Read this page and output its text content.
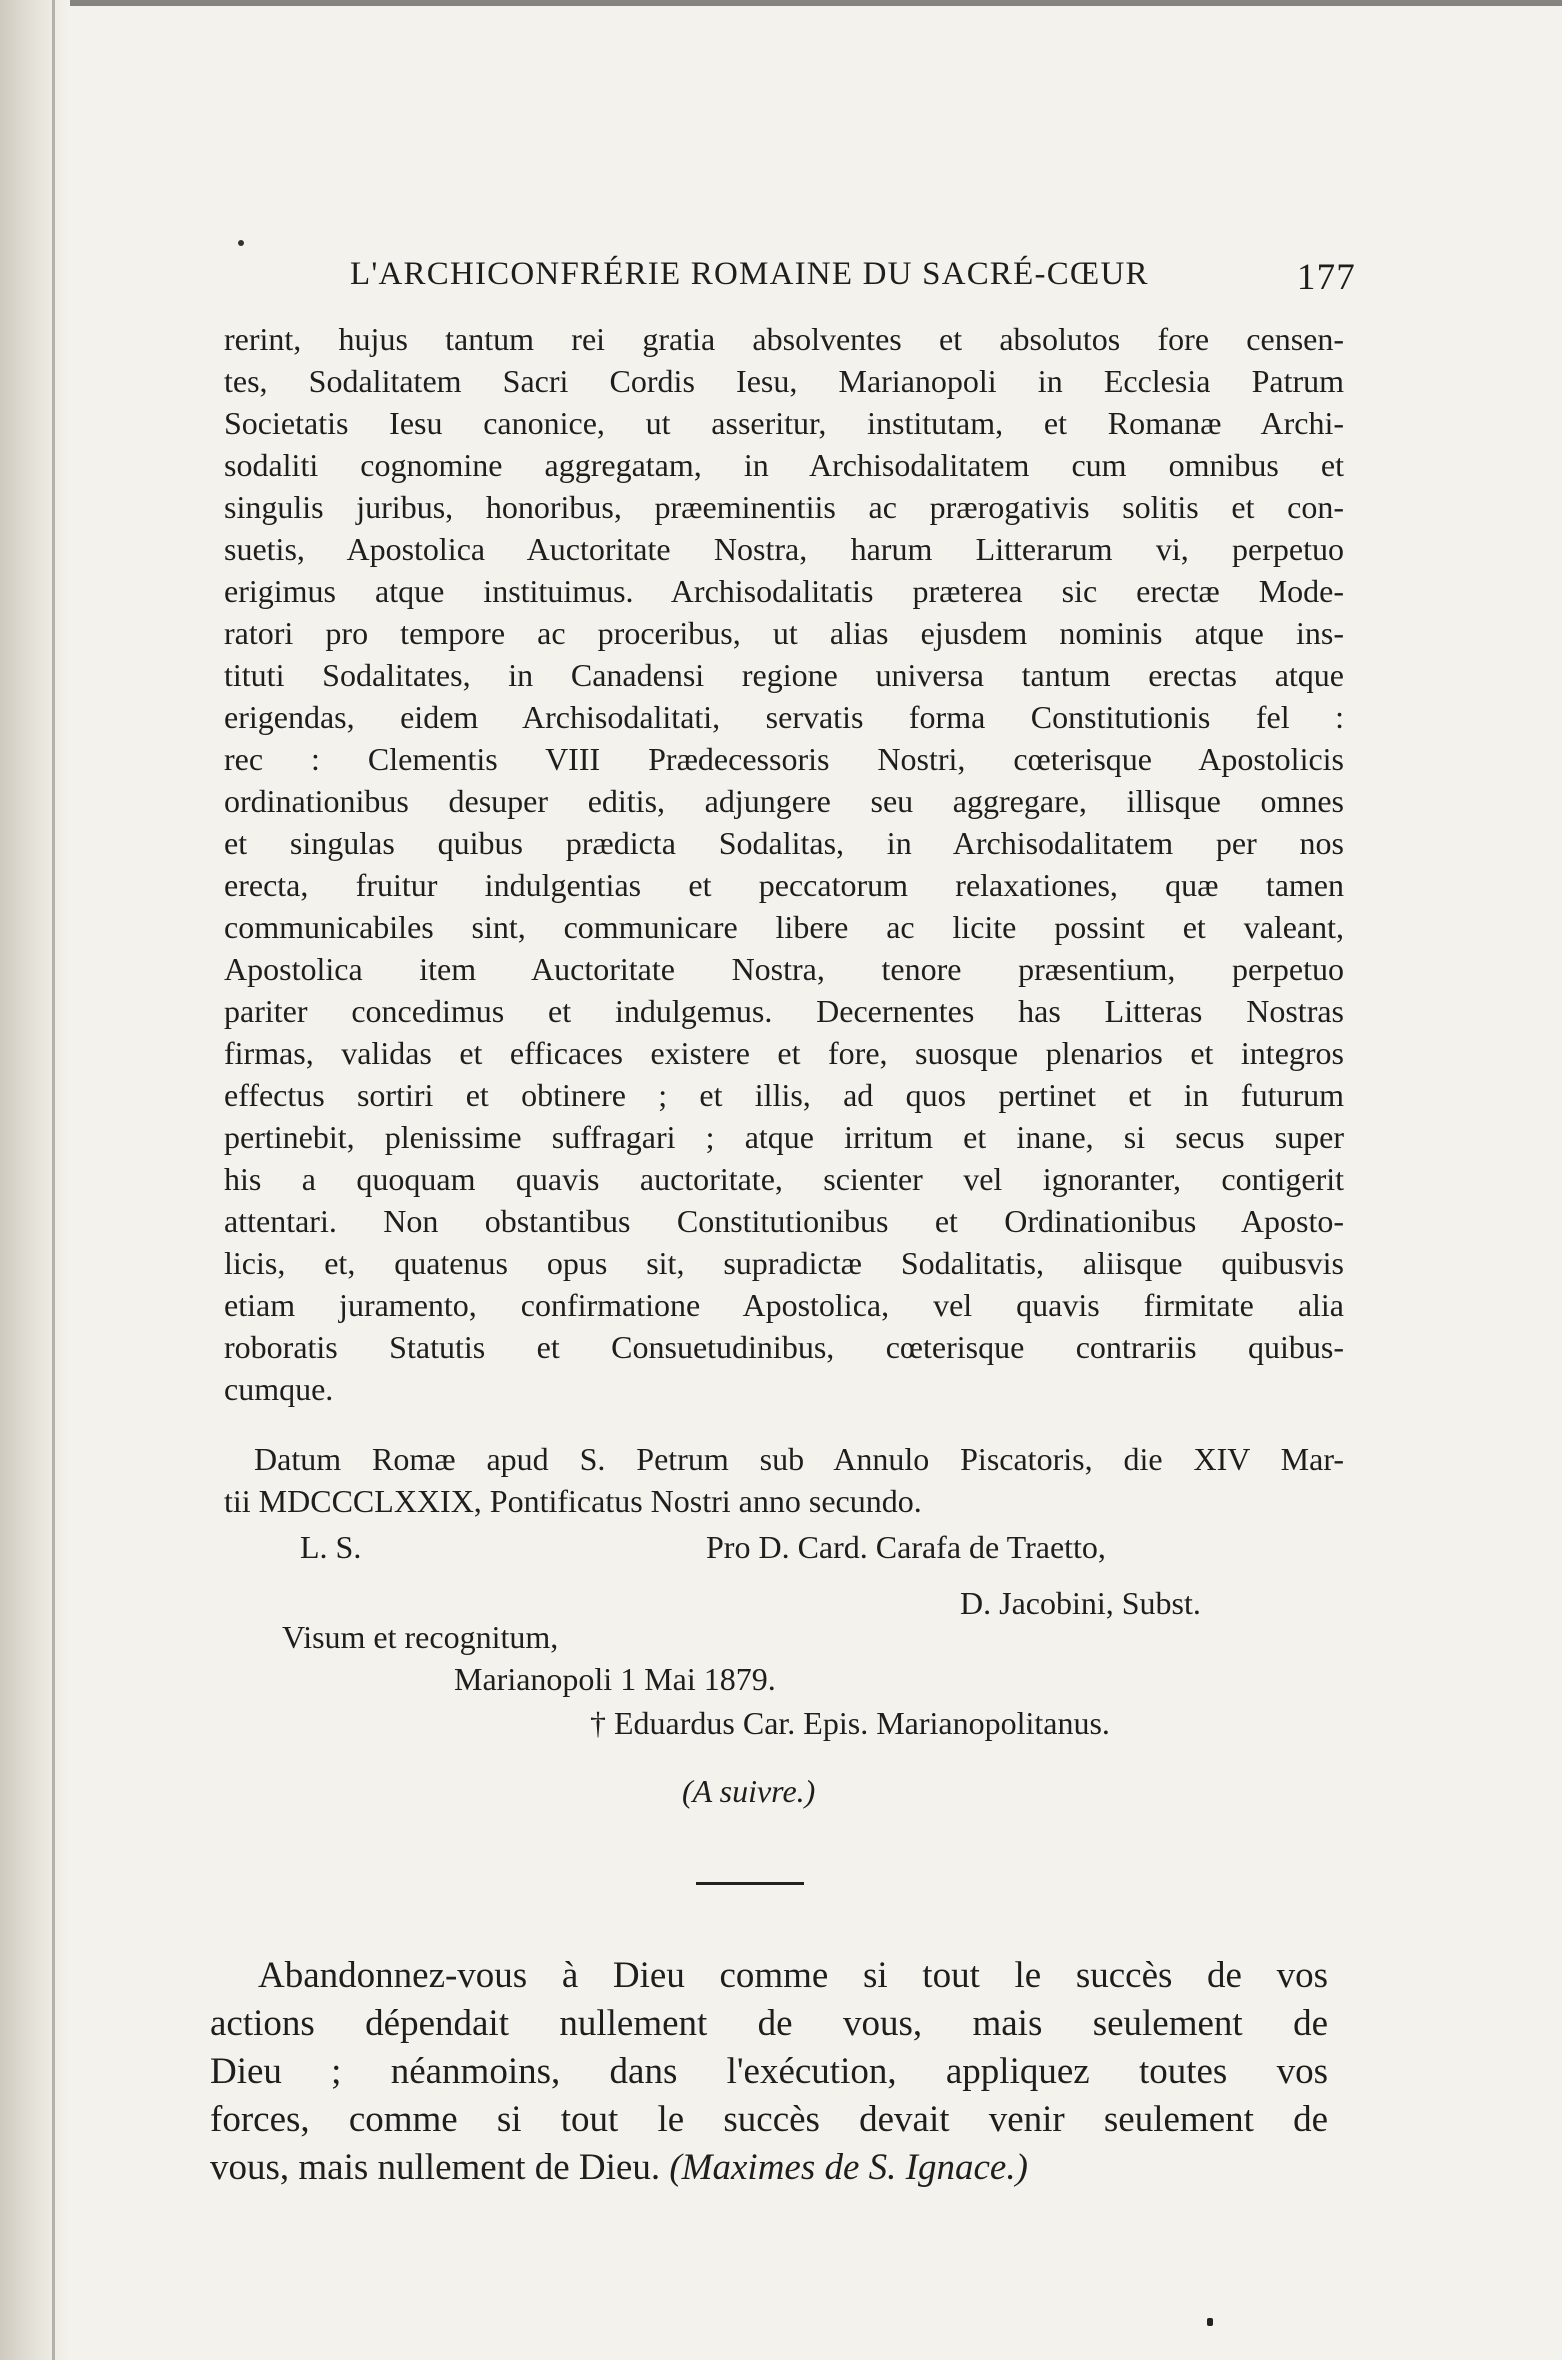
L'ARCHICONFRÉRIE ROMAINE DU SACRÉ-CŒUR	177
rerint, hujus tantum rei gratia absolventes et absolutos fore censen-
tes, Sodalitatem Sacri Cordis Iesu, Marianopoli in Ecclesia Patrum
Societatis Iesu canonice, ut asseritur, institutam, et Romanæ Archi-
sodaliti cognomine aggregatam, in Archisodalitatem cum omnibus et
singulis juribus, honoribus, præeminentiis ac prærogativis solitis et con-
suetis, Apostolica Auctoritate Nostra, harum Litterarum vi, perpetuo
erigimus atque instituimus. Archisodalitatis præterea sic erectæ Mode-
ratori pro tempore ac proceribus, ut alias ejusdem nominis atque ins-
tituti Sodalitates, in Canadensi regione universa tantum erectas atque
erigendas, eidem Archisodalitati, servatis forma Constitutionis fel :
rec : Clementis VIII Prædecessoris Nostri, cœterisque Apostolicis
ordinationibus desuper editis, adjungere seu aggregare, illisque omnes
et singulas quibus prædicta Sodalitas, in Archisodalitatem per nos
erecta, fruitur indulgentias et peccatorum relaxationes, quæ tamen
communicabiles sint, communicare libere ac licite possint et valeant,
Apostolica item Auctoritate Nostra, tenore præsentium, perpetuo
pariter concedimus et indulgemus. Decernentes has Litteras Nostras
firmas, validas et efficaces existere et fore, suosque plenarios et integros
effectus sortiri et obtinere ; et illis, ad quos pertinet et in futurum
pertinebit, plenissime suffragari ; atque irritum et inane, si secus super
his a quoquam quavis auctoritate, scienter vel ignoranter, contigerit
attentari. Non obstantibus Constitutionibus et Ordinationibus Aposto-
licis, et, quatenus opus sit, supradictæ Sodalitatis, aliisque quibusvis
etiam juramento, confirmatione Apostolica, vel quavis firmitate alia
roboratis Statutis et Consuetudinibus, cœterisque contrariis quibus-
cumque.
Datum Romæ apud S. Petrum sub Annulo Piscatoris, die XIV Mar-
tii MDCCCLXXIX, Pontificatus Nostri anno secundo.
L. S.	Pro D. Card. Carafa de Traetto,
D. Jacobini, Subst.
Visum et recognitum,
Marianopoli 1 Mai 1879.
† Eduardus Car. Epis. Marianopolitanus.
(A suivre.)
Abandonnez-vous à Dieu comme si tout le succès de vos
actions dépendait nullement de vous, mais seulement de
Dieu ; néanmoins, dans l'exécution, appliquez toutes vos
forces, comme si tout le succès devait venir seulement de
vous, mais nullement de Dieu. (Maximes de S. Ignace.)
